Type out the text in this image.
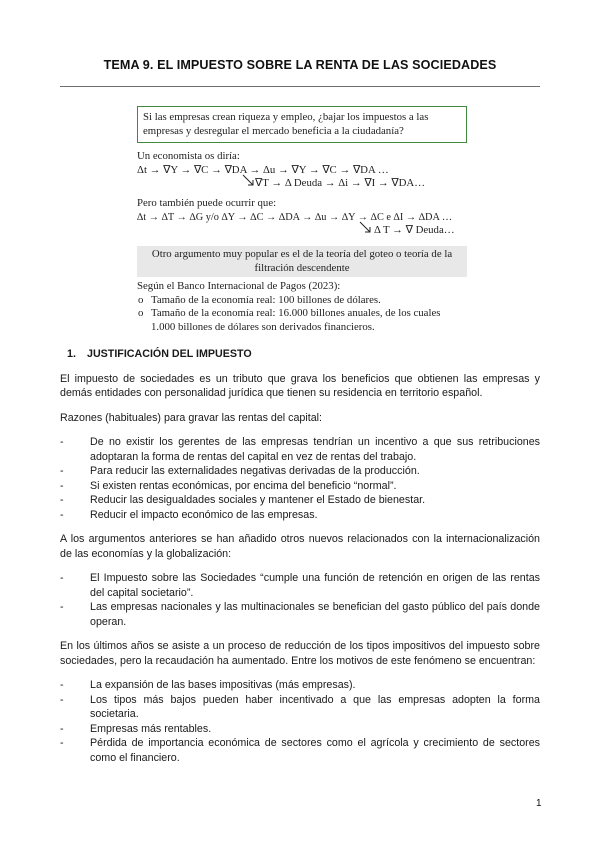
TEMA 9. EL IMPUESTO SOBRE LA RENTA DE LAS SOCIEDADES
Si las empresas crean riqueza y empleo, ¿bajar los impuestos a las empresas y desregular el mercado beneficia a la ciudadanía?
Un economista os diría:
Δt → ∇Y → ∇C → ∇DA → Δu → ∇Y → ∇C → ∇DA …
∇T → Δ Deuda → Δi → ∇I → ∇DA…
Pero también puede ocurrir que:
∆t → ∆T → ∆G y/o ∆Y → ∆C → ∆DA → ∆u → ∆Y → ∆C e ∆I → ∆DA …
Δ T → ∇ Deuda…
Otro argumento muy popular es el de la teoría del goteo o teoría de la filtración descendente
Según el Banco Internacional de Pagos (2023):
o Tamaño de la economía real: 100 billones de dólares.
o Tamaño de la economía real: 16.000 billones anuales, de los cuales 1.000 billones de dólares son derivados financieros.
1. JUSTIFICACIÓN DEL IMPUESTO

El impuesto de sociedades es un tributo que grava los beneficios que obtienen las empresas y demás entidades con personalidad jurídica que tienen su residencia en territorio español.

Razones (habituales) para gravar las rentas del capital:

-	De no existir los gerentes de las empresas tendrían un incentivo a que sus retribuciones adoptaran la forma de rentas del capital en vez de rentas del trabajo.
-	Para reducir las externalidades negativas derivadas de la producción.
-	Si existen rentas económicas, por encima del beneficio “normal”.
-	Reducir las desigualdades sociales y mantener el Estado de bienestar.
-	Reducir el impacto económico de las empresas.

A los argumentos anteriores se han añadido otros nuevos relacionados con la internacionalización de las economías y la globalización:

-	El Impuesto sobre las Sociedades “cumple una función de retención en origen de las rentas del capital societario”.
-	Las empresas nacionales y las multinacionales se benefician del gasto público del país donde operan.

En los últimos años se asiste a un proceso de reducción de los tipos impositivos del impuesto sobre sociedades, pero la recaudación ha aumentado. Entre los motivos de este fenómeno se encuentran:

-	La expansión de las bases impositivas (más empresas).
-	Los tipos más bajos pueden haber incentivado a que las empresas adopten la forma societaria.
-	Empresas más rentables.
-	Pérdida de importancia económica de sectores como el agrícola y crecimiento de sectores como el financiero.
1
